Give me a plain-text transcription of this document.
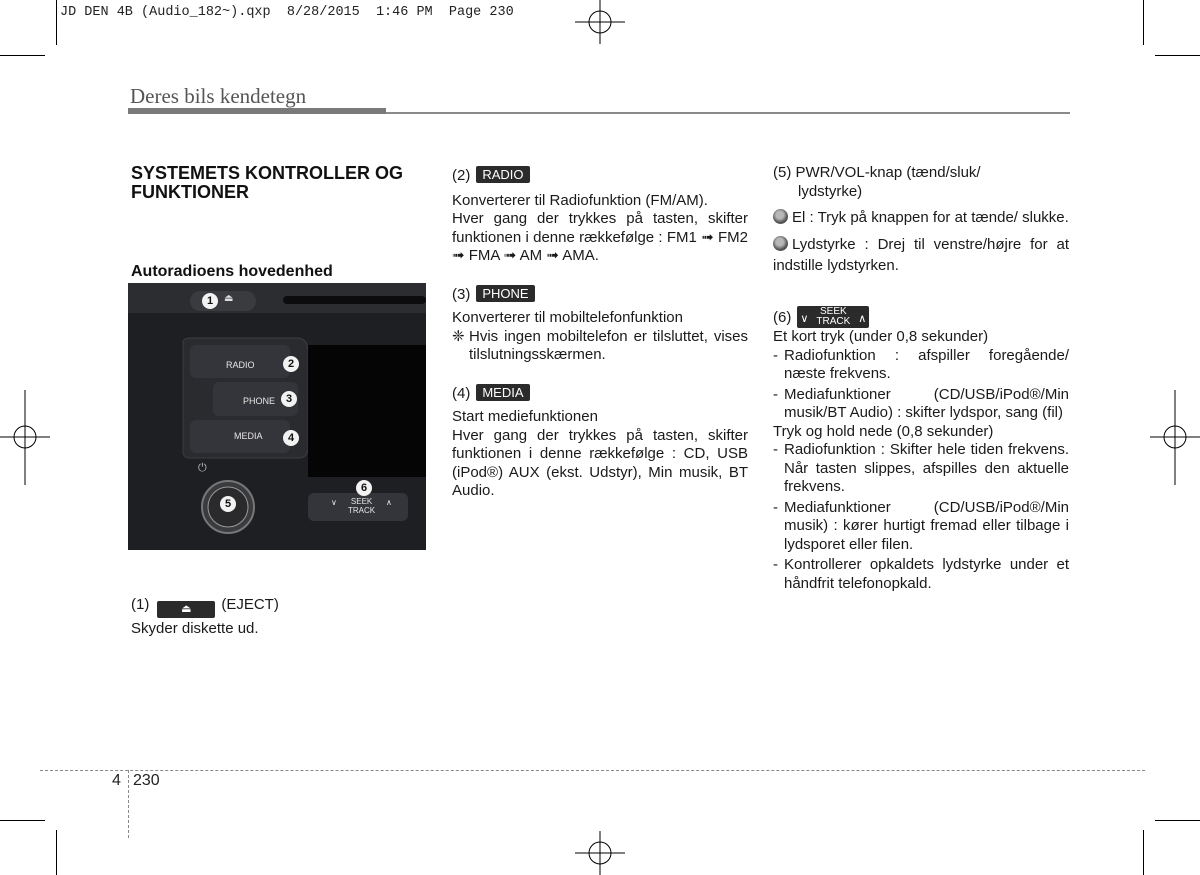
JD DEN 4B (Audio_182~).qxp  8/28/2015  1:46 PM  Page 230
Deres bils kendetegn
SYSTEMETS KONTROLLER OG FUNKTIONER
Autoradioens hovedenhed
⏻
RADIO
PHONE
MEDIA
∨	SEEK
TRACK
∧
1	⏏
2
3
4
5
6
(1)	⏏ (EJECT)
Skyder diskette ud.
(2) RADIO
Konverterer til Radiofunktion (FM/AM).
Hver gang der trykkes på tasten, skifter funktionen i denne rækkefølge : FM1 ➟ FM2 ➟ FMA ➟ AM ➟ AMA.
(3) PHONE
Konverterer til mobiltelefonfunktion
❈ Hvis ingen mobiltelefon er tilsluttet, vises tilslutningsskærmen.
(4) MEDIA
Start mediefunktionen
Hver gang der trykkes på tasten, skifter funktionen i denne rækkefølge : CD, USB (iPod®) AUX (ekst. Udstyr), Min musik, BT Audio.
(5) PWR/VOL-knap (tænd/sluk/
lydstyrke)
El : Tryk på knappen for at tænde/ slukke.
Lydstyrke : Drej til venstre/højre for at indstille lydstyrken.
(6) ∨
SEEK
TRACK ∧
Et kort tryk (under 0,8 sekunder)
- Radiofunktion : afspiller foregående/ næste frekvens.
- Mediafunktioner (CD/USB/iPod®/Min musik/BT Audio) : skifter lydspor, sang (fil)
Tryk og hold nede (0,8 sekunder)
- Radiofunktion : Skifter hele tiden frekvens. Når tasten slippes, afspilles den aktuelle frekvens.
- Mediafunktioner (CD/USB/iPod®/Min musik) : kører hurtigt fremad eller tilbage i lydsporet eller filen.
- Kontrollerer opkaldets lydstyrke under et håndfrit telefonopkald.
4 230
